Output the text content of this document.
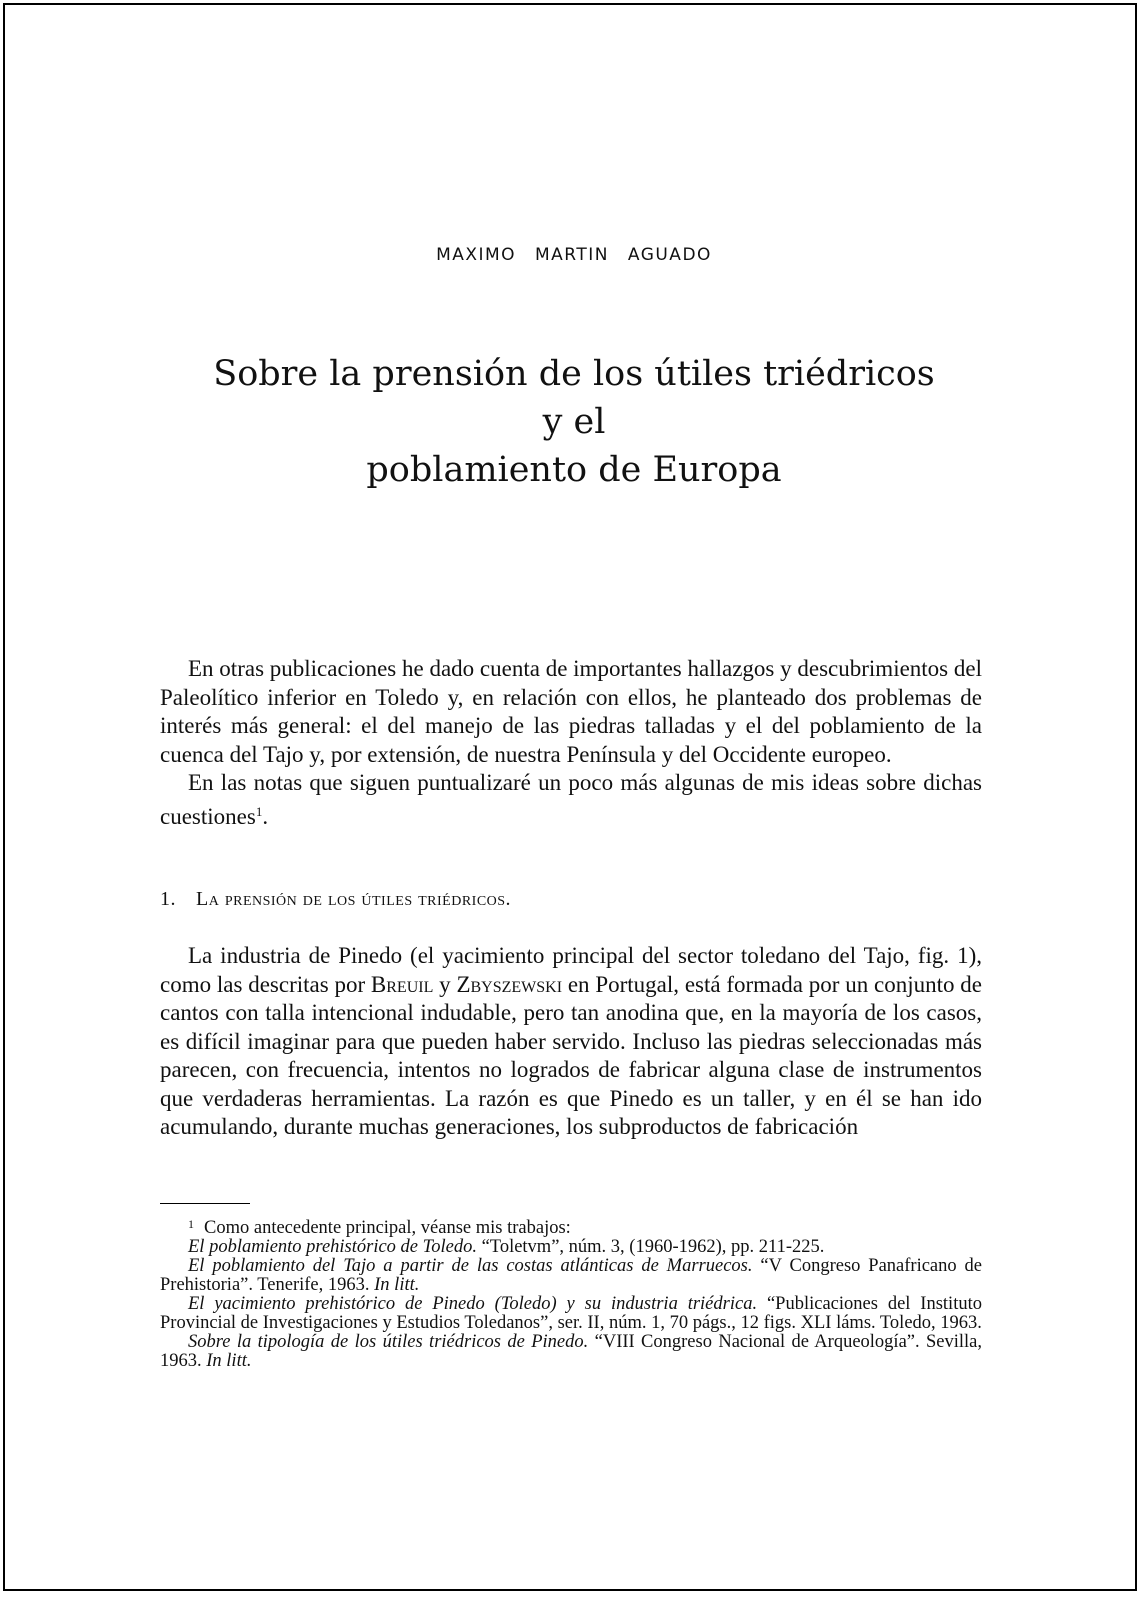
MAXIMO MARTIN AGUADO
Sobre la prensión de los útiles triédricos y el
poblamiento de Europa

En otras publicaciones he dado cuenta de importantes hallazgos y descubrimientos del Paleolítico inferior en Toledo y, en relación con ellos, he planteado dos problemas de interés más general: el del manejo de las piedras talladas y el del poblamiento de la cuenca del Tajo y, por extensión, de nuestra Península y del Occidente europeo.

En las notas que siguen puntualizaré un poco más algunas de mis ideas sobre dichas cuestiones$^1$.

1. La prensión de los útiles triédricos.

La industria de Pinedo (el yacimiento principal del sector toledano del Tajo, fig. 1), como las descritas por Breuil y Zbyszewski en Portugal, está formada por un conjunto de cantos con talla intencional indudable, pero tan anodina que, en la mayoría de los casos, es difícil imaginar para que pueden haber servido. Incluso las piedras seleccionadas más parecen, con frecuencia, intentos no logrados de fabricar alguna clase de instrumentos que verdaderas herramientas. La razón es que Pinedo es un taller, y en él se han ido acumulando, durante muchas generaciones, los subproductos de fabricación

$^1$ Como antecedente principal, véanse mis trabajos:

El poblamiento prehistórico de Toledo. “Toletvm”, núm. 3, (1960-1962), pp. 211-225.

El poblamiento del Tajo a partir de las costas atlánticas de Marruecos. “V Congreso Panafricano de Prehistoria”. Tenerife, 1963. In litt.

El yacimiento prehistórico de Pinedo (Toledo) y su industria triédrica. “Publicaciones del Instituto Provincial de Investigaciones y Estudios Toledanos”, ser. II, núm. 1, 70 págs., 12 figs. XLI láms. Toledo, 1963.

Sobre la tipología de los útiles triédricos de Pinedo. “VIII Congreso Nacional de Arqueología”. Sevilla, 1963. In litt.
